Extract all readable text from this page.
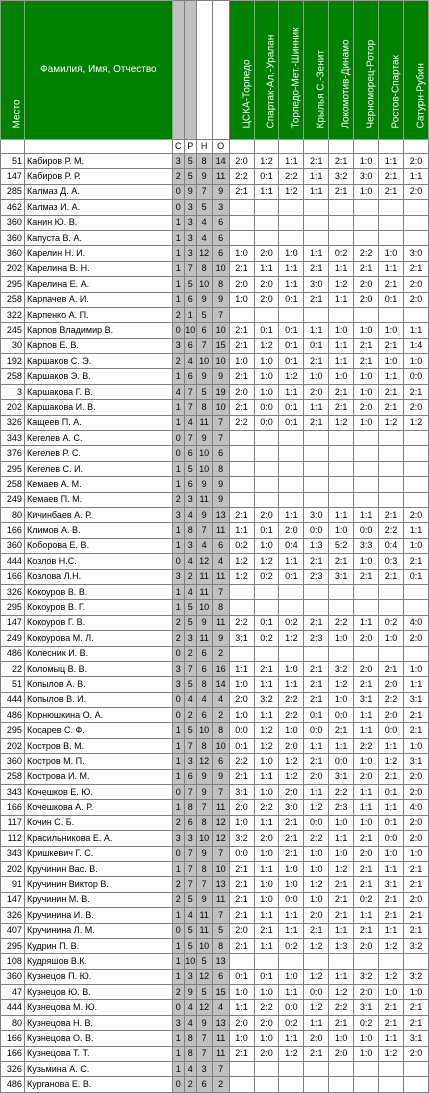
Место	Фамилия, Имя, Отчество					ЦСКА-Торпедо	Спартак-Ал.-Уралан	Торпедо-Мет.-Шинник	Крылья С.-Зенит	Локомотив-Динамо	Черноморец-Ротор	Ростов-Спартак	Сатурн-Рубин

		С	Р	Н	О								
51	Кабиров Р. М.	3	5	8	14	2:0	1:2	1:1	2:1	2:1	1:0	1:1	2:0
147	Кабиров Р. Р.	2	5	9	11	2:2	0:1	2:2	1:1	3:2	3:0	2:1	1:1
285	Калмаз Д. А.	0	9	7	9	2:1	1:1	1:2	1:1	2:1	1:0	2:1	2:0
462	Калмаз И. А.	0	3	5	3								
360	Канин Ю. В.	1	3	4	6								
360	Капуста В. А.	1	3	4	6								
360	Карелин Н. И.	1	3	12	6	1:0	2:0	1:0	1:1	0:2	2:2	1:0	3:0
202	Карелина В. Н.	1	7	8	10	2:1	1:1	1:1	2:1	1:1	2:1	1:1	2:1
295	Карелина Е. А.	1	5	10	8	2:0	2:0	1:1	3:0	1:2	2:0	2:1	2:0
258	Карпачев А. И.	1	6	9	9	1:0	2:0	0:1	2:1	1:1	2:0	0:1	2:0
322	Карпенко А. П.	2	1	5	7								
245	Карпов Владимир В.	0	10	6	10	2:1	0:1	0:1	1:1	1:0	1:0	1:0	1:1
30	Карпов Е. В.	3	6	7	15	2:1	1:2	0:1	0:1	1:1	2:1	2:1	1:4
192	Каршаков С. Э.	2	4	10	10	1:0	1:0	0:1	2:1	1:1	2:1	1:0	1:0
258	Каршаков Э. В.	1	6	9	9	2:1	1:0	1:2	1:0	1:0	1:0	1:1	0:0
3	Каршакова Г. В.	4	7	5	19	2:0	1:0	1:1	2:0	2:1	1:0	2:1	2:1
202	Каршакова И. В.	1	7	8	10	2:1	0:0	0:1	1:1	2:1	2:0	2:1	2:0
326	Кащеев П. А.	1	4	11	7	2:2	0:0	0:1	2:1	1:2	1:0	1:2	1:2
343	Кегелев А. С.	0	7	9	7								
376	Кегелев Р. С.	0	6	10	6								
295	Кегелев С. И.	1	5	10	8								
258	Кемаев А. М.	1	6	9	9								
249	Кемаев П. М.	2	3	11	9								
80	Кичинбаев А. Р.	3	4	9	13	2:1	2:0	1:1	3:0	1:1	1:1	2:1	2:0
166	Климов А. В.	1	8	7	11	1:1	0:1	2:0	0:0	1:0	0:0	2:2	1:1
360	Коборова Е. В.	1	3	4	6	0:2	1:0	0:4	1:3	5:2	3:3	0:4	1:0
444	Козлов Н.С.	0	4	12	4	1:2	1:2	1:1	2:1	2:1	1:0	0:3	2:1
166	Козлова Л.Н.	3	2	11	11	1:2	0:2	0:1	2:3	3:1	2:1	2:1	0:1
326	Кокоуров В. В.	1	4	11	7								
295	Кокоуров В. Г.	1	5	10	8								
147	Кокоуров Г. В.	2	5	9	11	2:2	0:1	0:2	2:1	2:2	1:1	0:2	4:0
249	Кокоурова М. Л.	2	3	11	9	3:1	0:2	1:2	2:3	1:0	2:0	1:0	2:0
486	Колесник И. В.	0	2	6	2								
22	Коломыц В. В.	3	7	6	16	1:1	2:1	1:0	2:1	3:2	2:0	2:1	1:0
51	Копылов А. В.	3	5	8	14	1:0	1:1	1:1	2:1	1:2	2:1	2:0	1:1
444	Копылов В. И.	0	4	4	4	2:0	3:2	2:2	2:1	1:0	3:1	2:2	3:1
486	Корнюшкина О. А.	0	2	6	2	1:0	1:1	2:2	0:1	0:0	1:1	2:0	2:1
295	Косарев С. Ф.	1	5	10	8	0:0	1:2	1:0	0:0	2:1	1:1	0:0	2:1
202	Костров В. М.	1	7	8	10	0:1	1:2	2:0	1:1	1:1	2:2	1:1	1:0
360	Костров М. П.	1	3	12	6	2:2	1:0	1:2	2:1	0:0	1:0	1:2	3:1
258	Кострова И. М.	1	6	9	9	2:1	1:1	1:2	2:0	3:1	2:0	2:1	2:0
343	Кочешков Е. Ю.	0	7	9	7	3:1	1:0	2:0	1:1	2:2	1:1	0:1	2:0
166	Кочешкова А. Р.	1	8	7	11	2:0	2:2	3:0	1:2	2:3	1:1	1:1	4:0
117	Кочин С. Б.	2	6	8	12	1:0	1:1	2:1	0:0	1:0	1:0	0:1	2:0
112	Красильникова Е. А.	3	3	10	12	3:2	2:0	2:1	2:2	1:1	2:1	0:0	2:0
343	Кришкевич Г. С.	0	7	9	7	0:0	1:0	2:1	1:0	1:0	2:0	1:0	1:0
202	Кручинин Вас. В.	1	7	8	10	2:1	1:1	1:0	1:0	1:2	2:1	1:1	2:1
91	Кручинин Виктор В.	2	7	7	13	2:1	1:0	1:0	1:2	2:1	2:1	3:1	2:1
147	Кручинин М. В.	2	5	9	11	2:1	1:0	0:0	1:0	2:1	0:2	2:1	2:0
326	Кручинина И. В.	1	4	11	7	2:1	1:1	1:1	2:0	2:1	1:1	2:1	2:1
407	Кручинина Л. М.	0	5	11	5	2:0	2:1	1:1	2:1	1:1	2:1	1:1	2:1
295	Кудрин П. В.	1	5	10	8	2:1	1:1	0:2	1:2	1:3	2:0	1:2	3:2
108	Кудряшов В.К.	1	10	5	13								
360	Кузнецов П. Ю.	1	3	12	6	0:1	0:1	1:0	1:2	1:1	3:2	1:2	3:2
47	Кузнецов Ю. В.	2	9	5	15	1:0	1:0	1:1	0:0	1:2	2:0	1:0	1:0
444	Кузнецова М. Ю.	0	4	12	4	1:1	2:2	0:0	1:2	2:2	3:1	2:1	2:1
80	Кузнецова Н. В.	3	4	9	13	2:0	2:0	0:2	1:1	2:1	0:2	2:1	2:1
166	Кузнецова О. В.	1	8	7	11	1:0	1:0	1:1	2:0	1:0	1:0	1:1	3:1
166	Кузнецова Т. Т.	1	8	7	11	2:1	2:0	1:2	2:1	2:0	1:0	1:2	2:0
326	Кузьмина А. С.	1	4	3	7								
486	Курганова Е. В.	0	2	6	2								
